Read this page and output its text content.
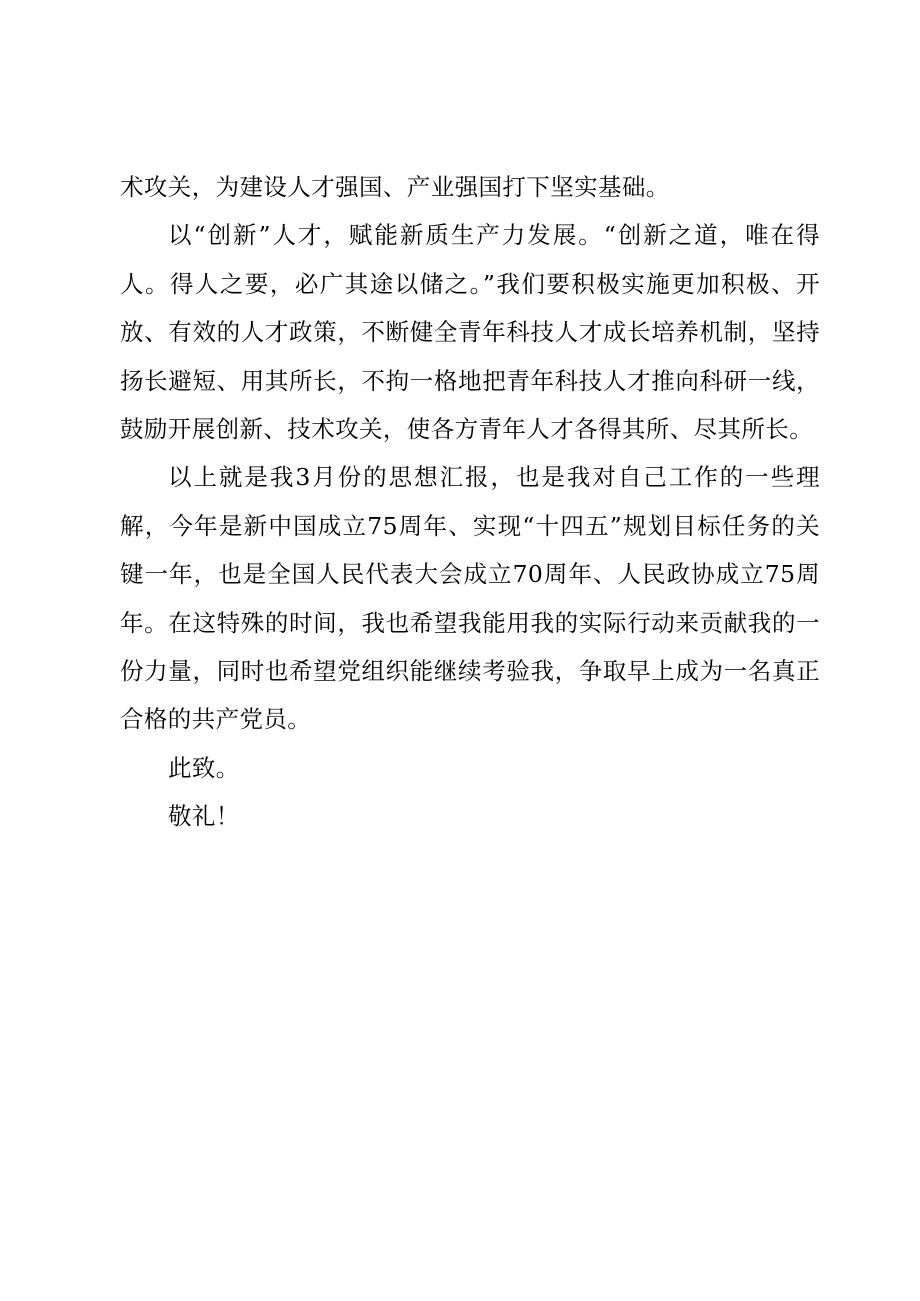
术攻关，为建设人才强国、产业强国打下坚实基础。

以“创新”人才，赋能新质生产力发展。“创新之道，唯在得人。得人之要，必广其途以储之。”我们要积极实施更加积极、开放、有效的人才政策，不断健全青年科技人才成长培养机制，坚持扬长避短、用其所长，不拘一格地把青年科技人才推向科研一线，鼓励开展创新、技术攻关，使各方青年人才各得其所、尽其所长。

以上就是我3月份的思想汇报，也是我对自己工作的一些理解，今年是新中国成立75周年、实现“十四五”规划目标任务的关键一年，也是全国人民代表大会成立70周年、人民政协成立75周年。在这特殊的时间，我也希望我能用我的实际行动来贡献我的一份力量，同时也希望党组织能继续考验我，争取早上成为一名真正合格的共产党员。

此致。

敬礼！
